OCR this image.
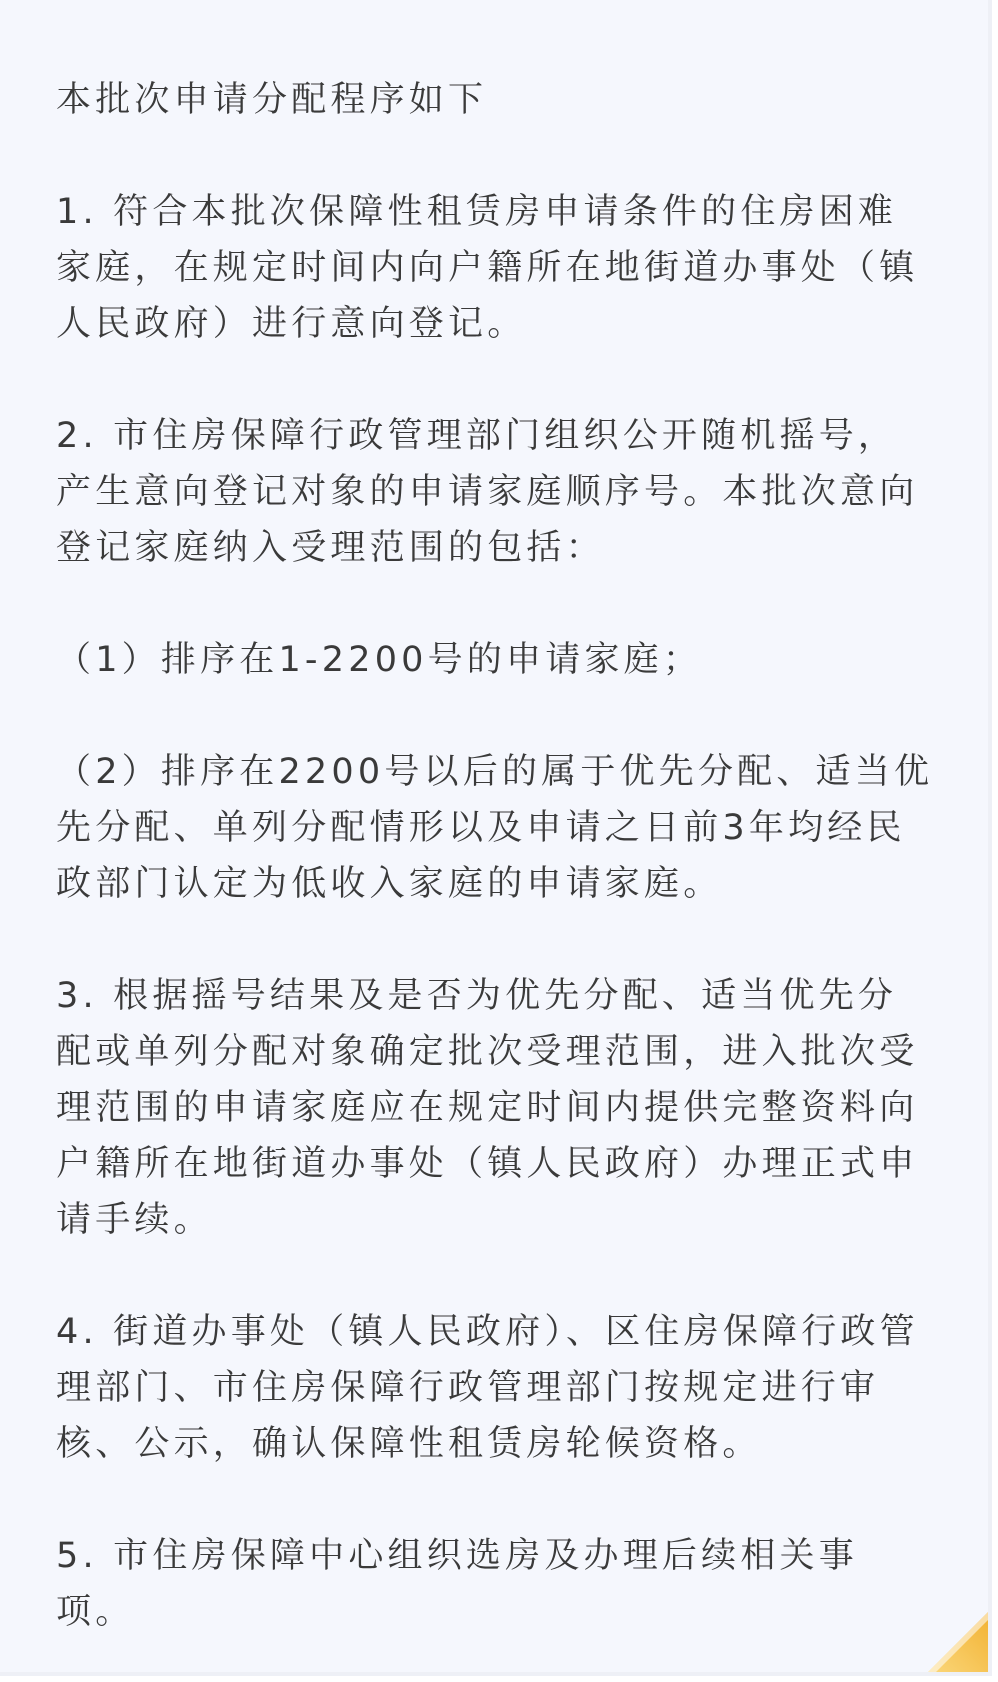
本批次申请分配程序如下

1. 符合本批次保障性租赁房申请条件的住房困难家庭，在规定时间内向户籍所在地街道办事处（镇人民政府）进行意向登记。

2. 市住房保障行政管理部门组织公开随机摇号，产生意向登记对象的申请家庭顺序号。本批次意向登记家庭纳入受理范围的包括：

（1）排序在1-2200号的申请家庭；

（2）排序在2200号以后的属于优先分配、适当优先分配、单列分配情形以及申请之日前3年均经民政部门认定为低收入家庭的申请家庭。

3. 根据摇号结果及是否为优先分配、适当优先分配或单列分配对象确定批次受理范围，进入批次受理范围的申请家庭应在规定时间内提供完整资料向户籍所在地街道办事处（镇人民政府）办理正式申请手续。

4. 街道办事处（镇人民政府）、区住房保障行政管理部门、市住房保障行政管理部门按规定进行审核、公示，确认保障性租赁房轮候资格。

5. 市住房保障中心组织选房及办理后续相关事项。
